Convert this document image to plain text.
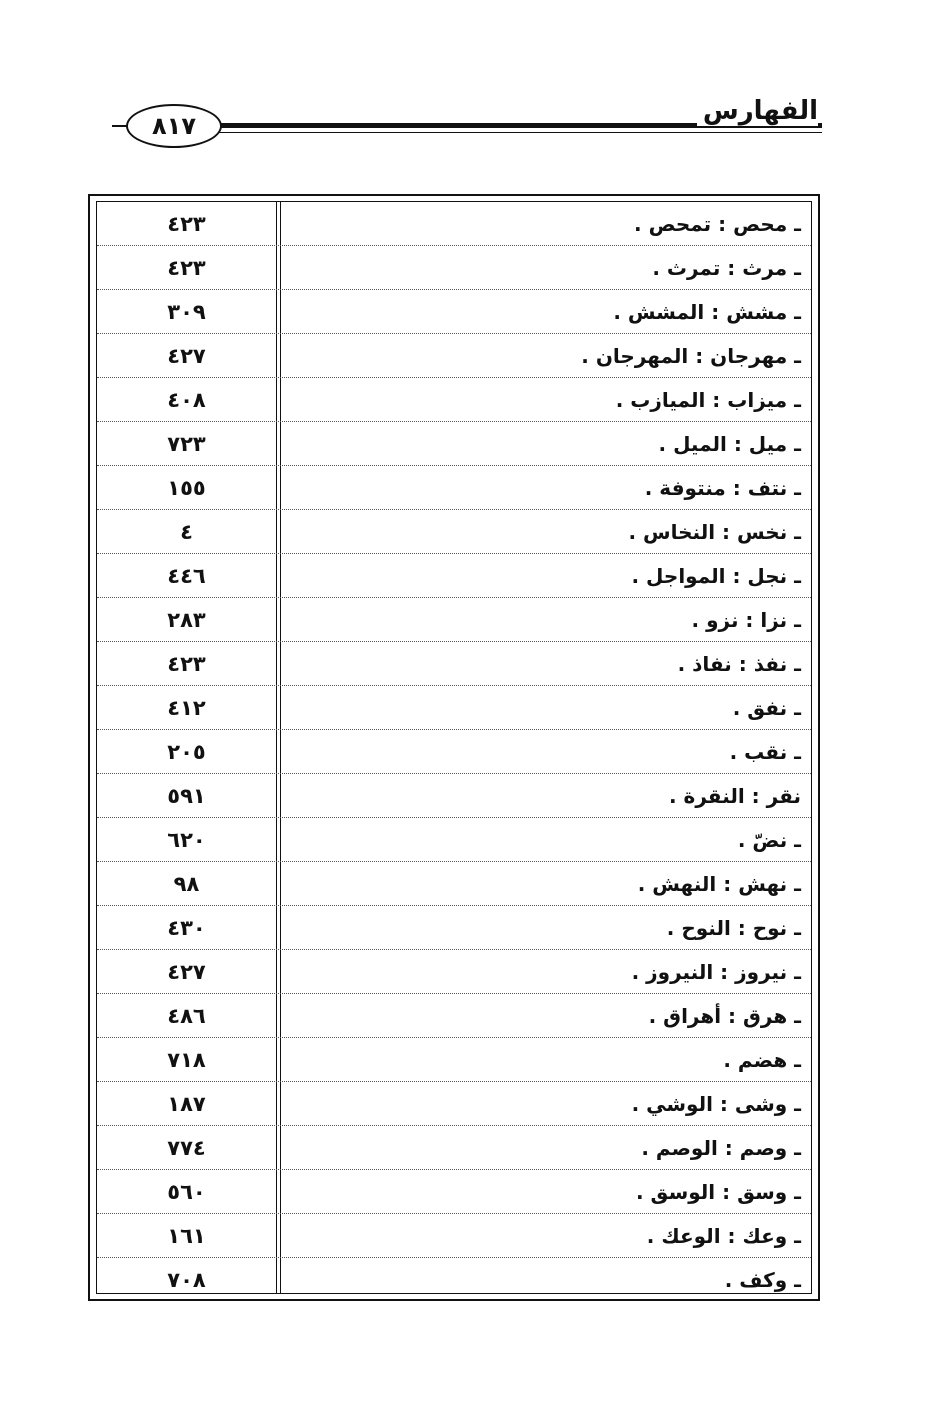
الفهارس
٨١٧
٤٢٣	ـ محص : تمحص .
٤٢٣	ـ مرث : تمرث .
٣٠٩	ـ مشش : المشش .
٤٢٧	ـ مهرجان : المهرجان .
٤٠٨	ـ ميزاب : الميازب .
٧٢٣	ـ ميل : الميل .
١٥٥	ـ نتف : منتوفة .
٤	ـ نخس : النخاس .
٤٤٦	ـ نجل : المواجل .
٢٨٣	ـ نزا : نزو .
٤٢٣	ـ نفذ : نفاذ .
٤١٢	ـ نفق .
٢٠٥	ـ نقب .
٥٩١	نقر : النقرة .
٦٢٠	ـ نضّ .
٩٨	ـ نهش : النهش .
٤٣٠	ـ نوح : النوح .
٤٢٧	ـ نيروز : النيروز .
٤٨٦	ـ هرق : أهراق .
٧١٨	ـ هضم .
١٨٧	ـ وشى : الوشي .
٧٧٤	ـ وصم : الوصم .
٥٦٠	ـ وسق : الوسق .
١٦١	ـ وعك : الوعك .
٧٠٨	ـ وكف .
